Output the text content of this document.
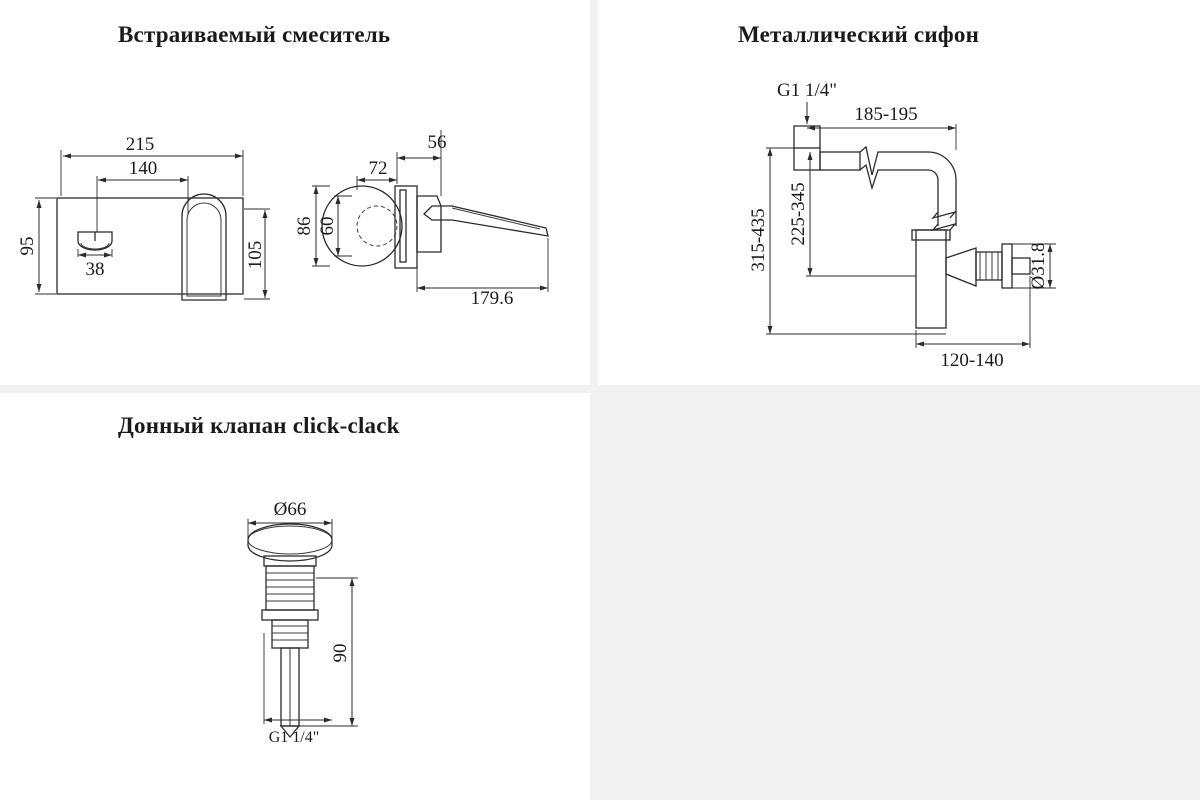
Встраиваемый смеситель
215
140
95
38
105
56
72
86 60
179.6
Металлический сифон
G1 1/4"
185-195
315-435 225-345
Ø31.8
120-140
Донный клапан click-clack
Ø66
90
G1 1/4"
